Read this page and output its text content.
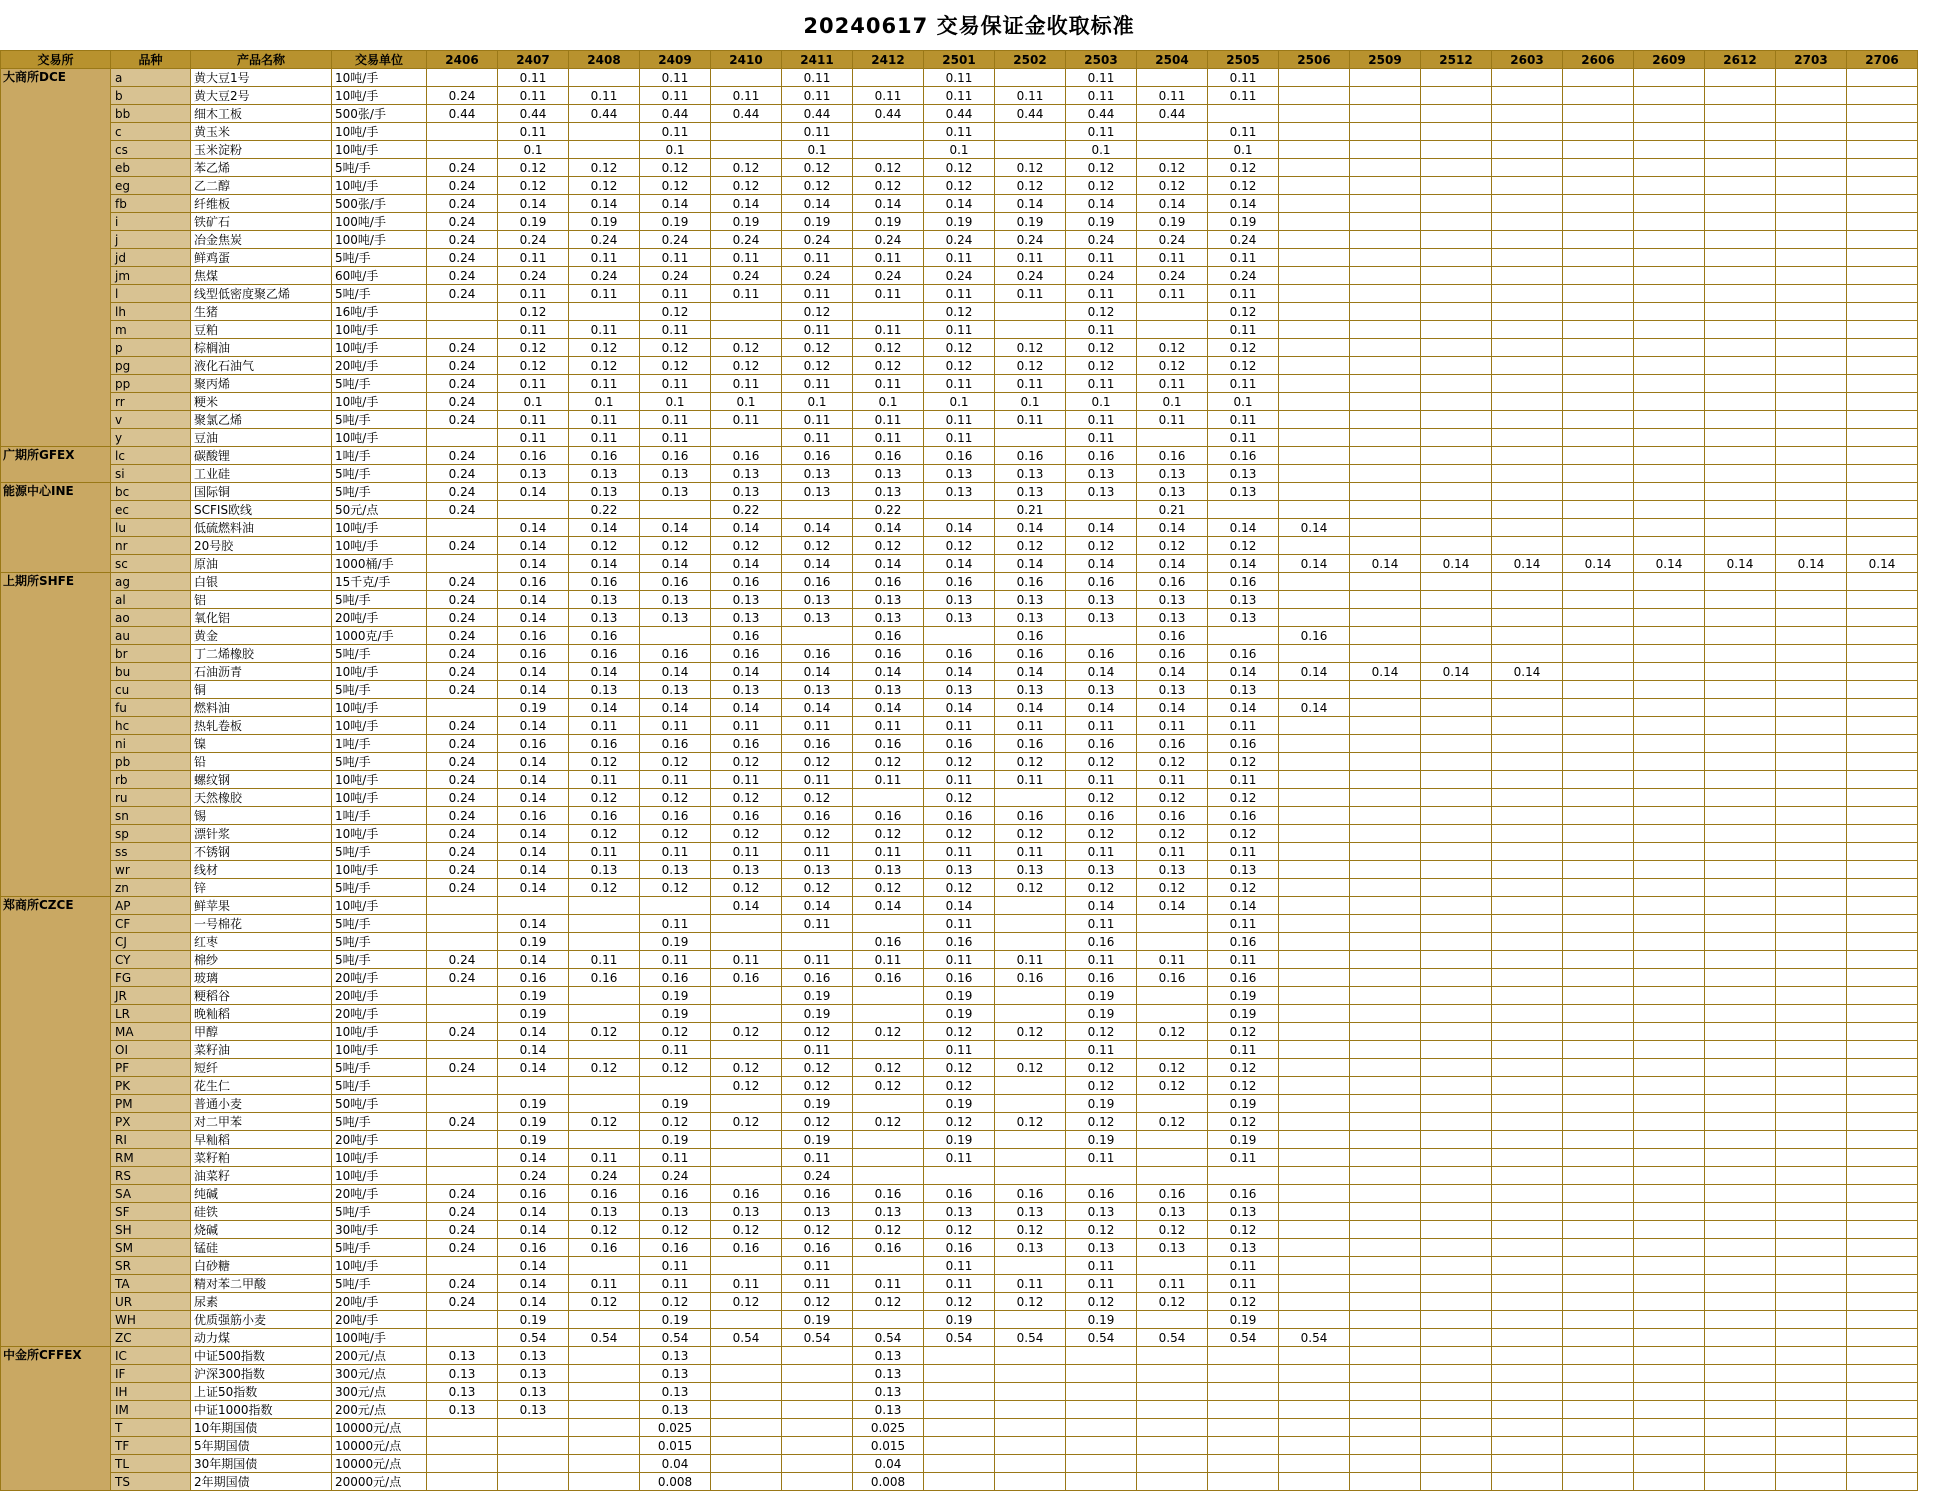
20240617 交易保证金收取标准
交易所	品种	产品名称	交易单位	2406	2407	2408	2409	2410	2411	2412	2501	2502	2503	2504	2505	2506	2509	2512	2603	2606	2609	2612	2703	2706
大商所DCE	a	黄大豆1号	10吨/手		0.11		0.11		0.11		0.11		0.11		0.11									
	b	黄大豆2号	10吨/手	0.24	0.11	0.11	0.11	0.11	0.11	0.11	0.11	0.11	0.11	0.11	0.11									
	bb	细木工板	500张/手	0.44	0.44	0.44	0.44	0.44	0.44	0.44	0.44	0.44	0.44	0.44										
	c	黄玉米	10吨/手		0.11		0.11		0.11		0.11		0.11		0.11									
	cs	玉米淀粉	10吨/手		0.1		0.1		0.1		0.1		0.1		0.1									
	eb	苯乙烯	5吨/手	0.24	0.12	0.12	0.12	0.12	0.12	0.12	0.12	0.12	0.12	0.12	0.12									
	eg	乙二醇	10吨/手	0.24	0.12	0.12	0.12	0.12	0.12	0.12	0.12	0.12	0.12	0.12	0.12									
	fb	纤维板	500张/手	0.24	0.14	0.14	0.14	0.14	0.14	0.14	0.14	0.14	0.14	0.14	0.14									
	i	铁矿石	100吨/手	0.24	0.19	0.19	0.19	0.19	0.19	0.19	0.19	0.19	0.19	0.19	0.19									
	j	冶金焦炭	100吨/手	0.24	0.24	0.24	0.24	0.24	0.24	0.24	0.24	0.24	0.24	0.24	0.24									
	jd	鲜鸡蛋	5吨/手	0.24	0.11	0.11	0.11	0.11	0.11	0.11	0.11	0.11	0.11	0.11	0.11									
	jm	焦煤	60吨/手	0.24	0.24	0.24	0.24	0.24	0.24	0.24	0.24	0.24	0.24	0.24	0.24									
	l	线型低密度聚乙烯	5吨/手	0.24	0.11	0.11	0.11	0.11	0.11	0.11	0.11	0.11	0.11	0.11	0.11									
	lh	生猪	16吨/手		0.12		0.12		0.12		0.12		0.12		0.12									
	m	豆粕	10吨/手		0.11	0.11	0.11		0.11	0.11	0.11		0.11		0.11									
	p	棕榈油	10吨/手	0.24	0.12	0.12	0.12	0.12	0.12	0.12	0.12	0.12	0.12	0.12	0.12									
	pg	液化石油气	20吨/手	0.24	0.12	0.12	0.12	0.12	0.12	0.12	0.12	0.12	0.12	0.12	0.12									
	pp	聚丙烯	5吨/手	0.24	0.11	0.11	0.11	0.11	0.11	0.11	0.11	0.11	0.11	0.11	0.11									
	rr	粳米	10吨/手	0.24	0.1	0.1	0.1	0.1	0.1	0.1	0.1	0.1	0.1	0.1	0.1									
	v	聚氯乙烯	5吨/手	0.24	0.11	0.11	0.11	0.11	0.11	0.11	0.11	0.11	0.11	0.11	0.11									
	y	豆油	10吨/手		0.11	0.11	0.11		0.11	0.11	0.11		0.11		0.11									
广期所GFEX	lc	碳酸锂	1吨/手	0.24	0.16	0.16	0.16	0.16	0.16	0.16	0.16	0.16	0.16	0.16	0.16									
	si	工业硅	5吨/手	0.24	0.13	0.13	0.13	0.13	0.13	0.13	0.13	0.13	0.13	0.13	0.13									
能源中心INE	bc	国际铜	5吨/手	0.24	0.14	0.13	0.13	0.13	0.13	0.13	0.13	0.13	0.13	0.13	0.13									
	ec	SCFIS欧线	50元/点	0.24		0.22		0.22		0.22		0.21		0.21										
	lu	低硫燃料油	10吨/手		0.14	0.14	0.14	0.14	0.14	0.14	0.14	0.14	0.14	0.14	0.14	0.14								
	nr	20号胶	10吨/手	0.24	0.14	0.12	0.12	0.12	0.12	0.12	0.12	0.12	0.12	0.12	0.12									
	sc	原油	1000桶/手		0.14	0.14	0.14	0.14	0.14	0.14	0.14	0.14	0.14	0.14	0.14	0.14	0.14	0.14	0.14	0.14	0.14	0.14	0.14	0.14
上期所SHFE	ag	白银	15千克/手	0.24	0.16	0.16	0.16	0.16	0.16	0.16	0.16	0.16	0.16	0.16	0.16									
	al	铝	5吨/手	0.24	0.14	0.13	0.13	0.13	0.13	0.13	0.13	0.13	0.13	0.13	0.13									
	ao	氧化铝	20吨/手	0.24	0.14	0.13	0.13	0.13	0.13	0.13	0.13	0.13	0.13	0.13	0.13									
	au	黄金	1000克/手	0.24	0.16	0.16		0.16		0.16		0.16		0.16		0.16								
	br	丁二烯橡胶	5吨/手	0.24	0.16	0.16	0.16	0.16	0.16	0.16	0.16	0.16	0.16	0.16	0.16									
	bu	石油沥青	10吨/手	0.24	0.14	0.14	0.14	0.14	0.14	0.14	0.14	0.14	0.14	0.14	0.14	0.14	0.14	0.14	0.14					
	cu	铜	5吨/手	0.24	0.14	0.13	0.13	0.13	0.13	0.13	0.13	0.13	0.13	0.13	0.13									
	fu	燃料油	10吨/手		0.19	0.14	0.14	0.14	0.14	0.14	0.14	0.14	0.14	0.14	0.14	0.14								
	hc	热轧卷板	10吨/手	0.24	0.14	0.11	0.11	0.11	0.11	0.11	0.11	0.11	0.11	0.11	0.11									
	ni	镍	1吨/手	0.24	0.16	0.16	0.16	0.16	0.16	0.16	0.16	0.16	0.16	0.16	0.16									
	pb	铅	5吨/手	0.24	0.14	0.12	0.12	0.12	0.12	0.12	0.12	0.12	0.12	0.12	0.12									
	rb	螺纹钢	10吨/手	0.24	0.14	0.11	0.11	0.11	0.11	0.11	0.11	0.11	0.11	0.11	0.11									
	ru	天然橡胶	10吨/手	0.24	0.14	0.12	0.12	0.12	0.12		0.12		0.12	0.12	0.12									
	sn	锡	1吨/手	0.24	0.16	0.16	0.16	0.16	0.16	0.16	0.16	0.16	0.16	0.16	0.16									
	sp	漂针浆	10吨/手	0.24	0.14	0.12	0.12	0.12	0.12	0.12	0.12	0.12	0.12	0.12	0.12									
	ss	不锈钢	5吨/手	0.24	0.14	0.11	0.11	0.11	0.11	0.11	0.11	0.11	0.11	0.11	0.11									
	wr	线材	10吨/手	0.24	0.14	0.13	0.13	0.13	0.13	0.13	0.13	0.13	0.13	0.13	0.13									
	zn	锌	5吨/手	0.24	0.14	0.12	0.12	0.12	0.12	0.12	0.12	0.12	0.12	0.12	0.12									
郑商所CZCE	AP	鲜苹果	10吨/手					0.14	0.14	0.14	0.14		0.14	0.14	0.14									
	CF	一号棉花	5吨/手		0.14		0.11		0.11		0.11		0.11		0.11									
	CJ	红枣	5吨/手		0.19		0.19			0.16	0.16		0.16		0.16									
	CY	棉纱	5吨/手	0.24	0.14	0.11	0.11	0.11	0.11	0.11	0.11	0.11	0.11	0.11	0.11									
	FG	玻璃	20吨/手	0.24	0.16	0.16	0.16	0.16	0.16	0.16	0.16	0.16	0.16	0.16	0.16									
	JR	粳稻谷	20吨/手		0.19		0.19		0.19		0.19		0.19		0.19									
	LR	晚籼稻	20吨/手		0.19		0.19		0.19		0.19		0.19		0.19									
	MA	甲醇	10吨/手	0.24	0.14	0.12	0.12	0.12	0.12	0.12	0.12	0.12	0.12	0.12	0.12									
	OI	菜籽油	10吨/手		0.14		0.11		0.11		0.11		0.11		0.11									
	PF	短纤	5吨/手	0.24	0.14	0.12	0.12	0.12	0.12	0.12	0.12	0.12	0.12	0.12	0.12									
	PK	花生仁	5吨/手					0.12	0.12	0.12	0.12		0.12	0.12	0.12									
	PM	普通小麦	50吨/手		0.19		0.19		0.19		0.19		0.19		0.19									
	PX	对二甲苯	5吨/手	0.24	0.19	0.12	0.12	0.12	0.12	0.12	0.12	0.12	0.12	0.12	0.12									
	RI	早籼稻	20吨/手		0.19		0.19		0.19		0.19		0.19		0.19									
	RM	菜籽粕	10吨/手		0.14	0.11	0.11		0.11		0.11		0.11		0.11									
	RS	油菜籽	10吨/手		0.24	0.24	0.24		0.24															
	SA	纯碱	20吨/手	0.24	0.16	0.16	0.16	0.16	0.16	0.16	0.16	0.16	0.16	0.16	0.16									
	SF	硅铁	5吨/手	0.24	0.14	0.13	0.13	0.13	0.13	0.13	0.13	0.13	0.13	0.13	0.13									
	SH	烧碱	30吨/手	0.24	0.14	0.12	0.12	0.12	0.12	0.12	0.12	0.12	0.12	0.12	0.12									
	SM	锰硅	5吨/手	0.24	0.16	0.16	0.16	0.16	0.16	0.16	0.16	0.13	0.13	0.13	0.13									
	SR	白砂糖	10吨/手		0.14		0.11		0.11		0.11		0.11		0.11									
	TA	精对苯二甲酸	5吨/手	0.24	0.14	0.11	0.11	0.11	0.11	0.11	0.11	0.11	0.11	0.11	0.11									
	UR	尿素	20吨/手	0.24	0.14	0.12	0.12	0.12	0.12	0.12	0.12	0.12	0.12	0.12	0.12									
	WH	优质强筋小麦	20吨/手		0.19		0.19		0.19		0.19		0.19		0.19									
	ZC	动力煤	100吨/手		0.54	0.54	0.54	0.54	0.54	0.54	0.54	0.54	0.54	0.54	0.54	0.54								
中金所CFFEX	IC	中证500指数	200元/点	0.13	0.13		0.13			0.13														
	IF	沪深300指数	300元/点	0.13	0.13		0.13			0.13														
	IH	上证50指数	300元/点	0.13	0.13		0.13			0.13														
	IM	中证1000指数	200元/点	0.13	0.13		0.13			0.13														
	T	10年期国债	10000元/点				0.025			0.025														
	TF	5年期国债	10000元/点				0.015			0.015														
	TL	30年期国债	10000元/点				0.04			0.04														
	TS	2年期国债	20000元/点				0.008			0.008														
